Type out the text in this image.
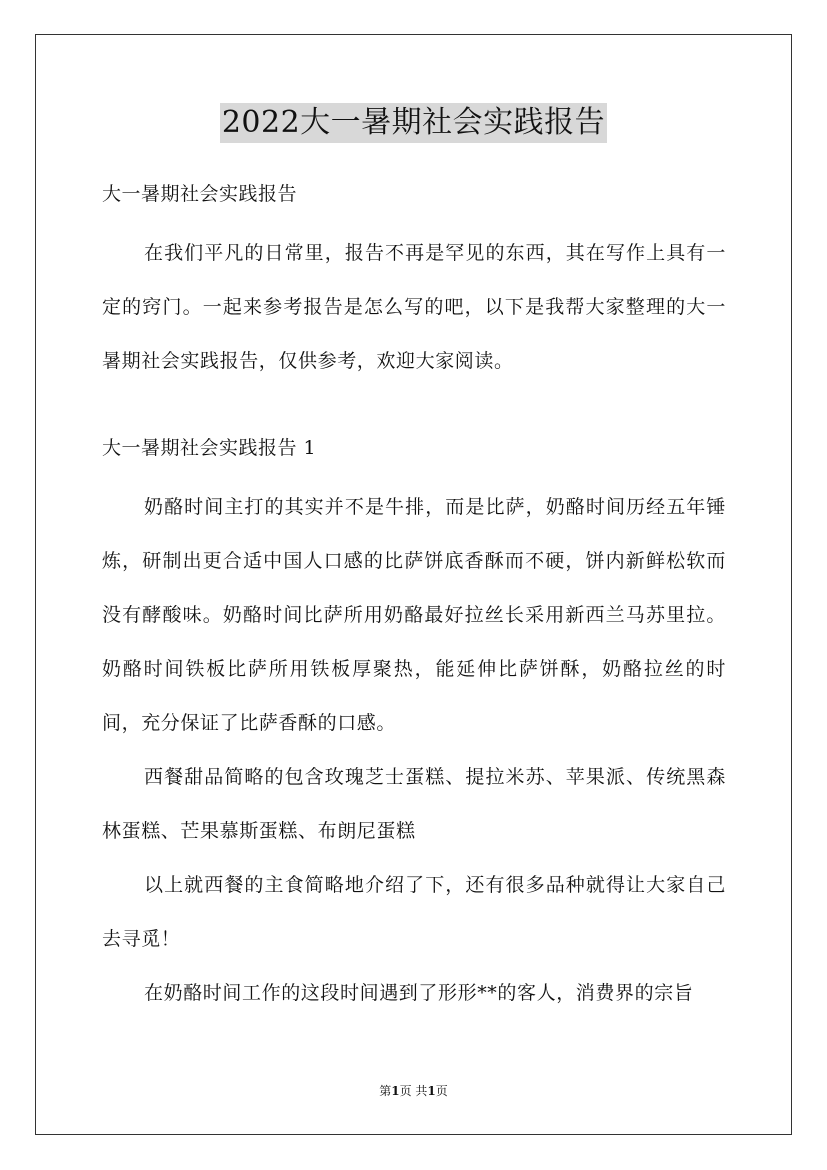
2022大一暑期社会实践报告

大一暑期社会实践报告

在我们平凡的日常里，报告不再是罕见的东西，其在写作上具有一定的窍门。一起来参考报告是怎么写的吧，以下是我帮大家整理的大一暑期社会实践报告，仅供参考，欢迎大家阅读。

大一暑期社会实践报告 1

奶酪时间主打的其实并不是牛排，而是比萨，奶酪时间历经五年锤炼，研制出更合适中国人口感的比萨饼底香酥而不硬，饼内新鲜松软而没有酵酸味。奶酪时间比萨所用奶酪最好拉丝长采用新西兰马苏里拉。奶酪时间铁板比萨所用铁板厚聚热，能延伸比萨饼酥，奶酪拉丝的时间，充分保证了比萨香酥的口感。

西餐甜品简略的包含玫瑰芝士蛋糕、提拉米苏、苹果派、传统黑森林蛋糕、芒果慕斯蛋糕、布朗尼蛋糕

以上就西餐的主食简略地介绍了下，还有很多品种就得让大家自己去寻觅！

在奶酪时间工作的这段时间遇到了形形**的客人，消费界的宗旨

第1页 共1页
